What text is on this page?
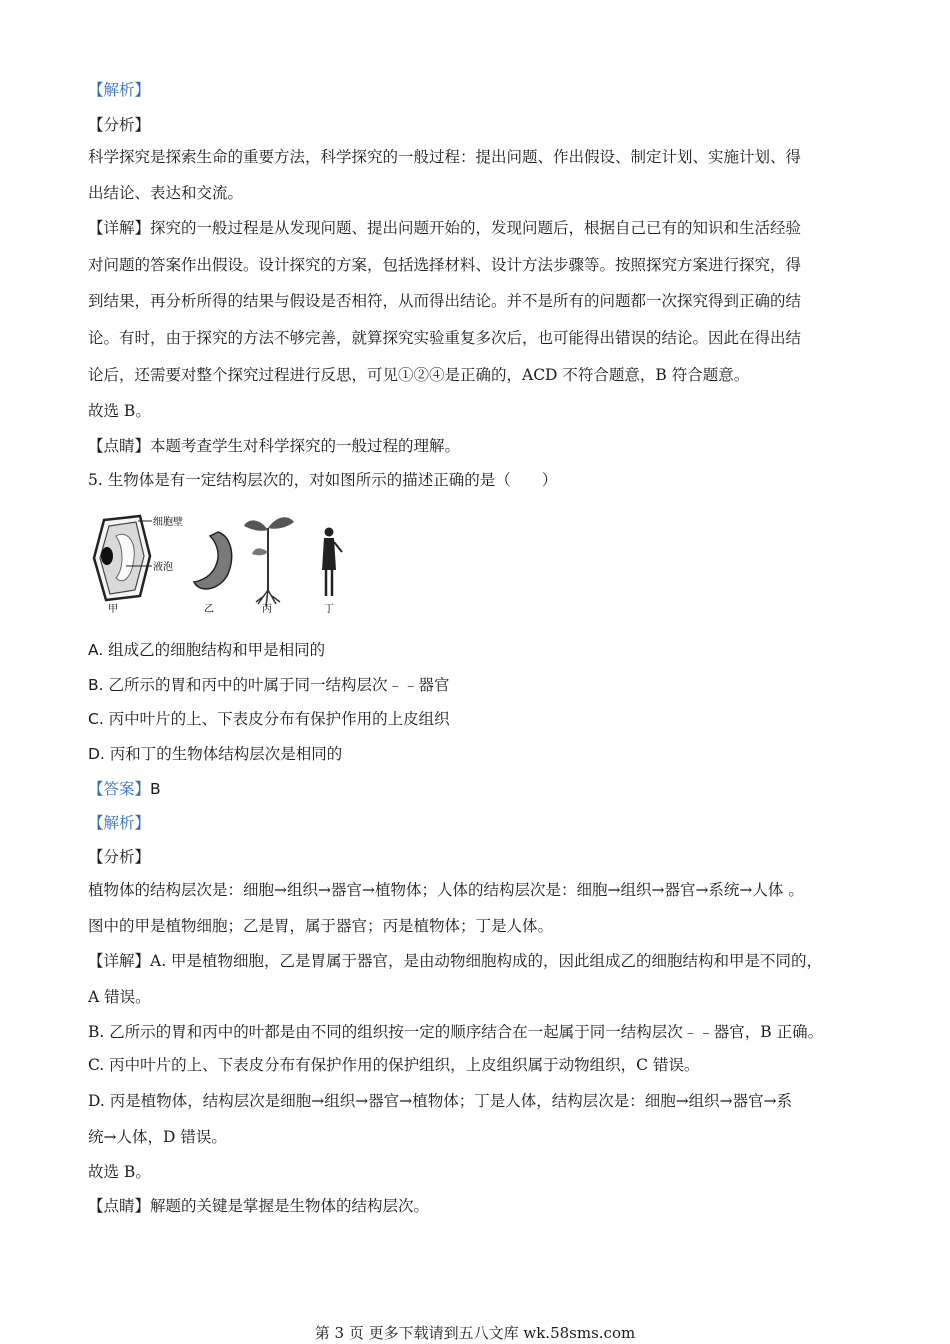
【解析】
【分析】
科学探究是探索生命的重要方法，科学探究的一般过程：提出问题、作出假设、制定计划、实施计划、得
出结论、表达和交流。
【详解】探究的一般过程是从发现问题、提出问题开始的，发现问题后，根据自己已有的知识和生活经验
对问题的答案作出假设。设计探究的方案，包括选择材料、设计方法步骤等。按照探究方案进行探究，得
到结果，再分析所得的结果与假设是否相符，从而得出结论。并不是所有的问题都一次探究得到正确的结
论。有时，由于探究的方法不够完善，就算探究实验重复多次后，也可能得出错误的结论。因此在得出结
论后，还需要对整个探究过程进行反思，可见①②④是正确的，ACD 不符合题意，B 符合题意。
故选 B。
【点睛】本题考查学生对科学探究的一般过程的理解。
5. 生物体是有一定结构层次的，对如图所示的描述正确的是（　　）
细胞壁
液泡
甲	乙	丙	丁
A. 组成乙的细胞结构和甲是相同的
B. 乙所示的胃和丙中的叶属于同一结构层次﹣﹣器官
C. 丙中叶片的上、下表皮分布有保护作用的上皮组织
D. 丙和丁的生物体结构层次是相同的
【答案】B
【解析】
【分析】
植物体的结构层次是：细胞→组织→器官→植物体；人体的结构层次是：细胞→组织→器官→系统→人体 。
图中的甲是植物细胞；乙是胃，属于器官；丙是植物体；丁是人体。
【详解】A. 甲是植物细胞，乙是胃属于器官，是由动物细胞构成的，因此组成乙的细胞结构和甲是不同的，
A 错误。
B. 乙所示的胃和丙中的叶都是由不同的组织按一定的顺序结合在一起属于同一结构层次﹣﹣器官，B 正确。
C. 丙中叶片的上、下表皮分布有保护作用的保护组织，上皮组织属于动物组织，C 错误。
D. 丙是植物体，结构层次是细胞→组织→器官→植物体；丁是人体，结构层次是：细胞→组织→器官→系
统→人体，D 错误。
故选 B。
【点睛】解题的关键是掌握是生物体的结构层次。
第 3 页 更多下载请到五八文库 wk.58sms.com
